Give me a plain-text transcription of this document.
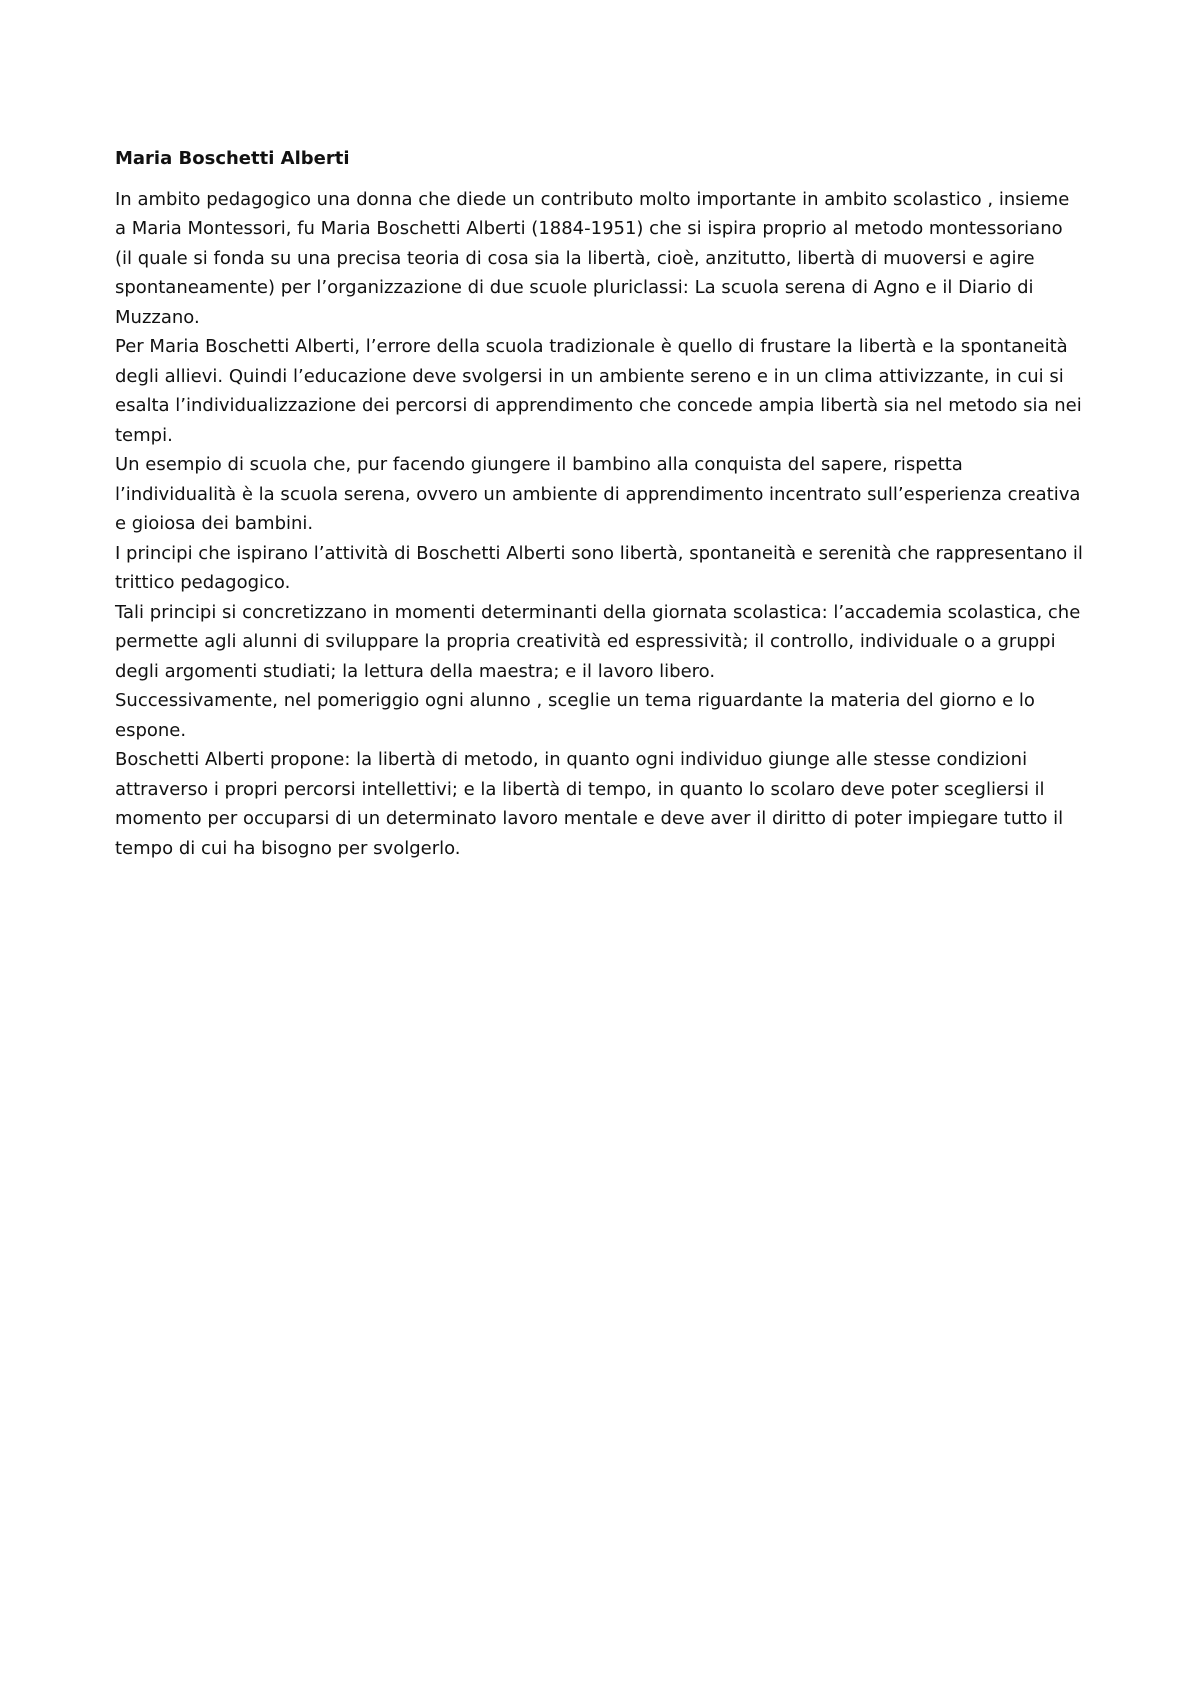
Maria Boschetti Alberti

In ambito pedagogico una donna che diede un contributo molto importante in ambito scolastico , insieme a Maria Montessori, fu Maria Boschetti Alberti (1884-1951) che si ispira proprio al metodo montessoriano (il quale si fonda su una precisa teoria di cosa sia la libertà, cioè, anzitutto, libertà di muoversi e agire spontaneamente) per l’organizzazione di due scuole pluriclassi: La scuola serena di Agno e il Diario di Muzzano.

Per Maria Boschetti Alberti, l’errore della scuola tradizionale è quello di frustare la libertà e la spontaneità degli allievi. Quindi l’educazione deve svolgersi in un ambiente sereno e in un clima attivizzante, in cui si esalta l’individualizzazione dei percorsi di apprendimento che concede ampia libertà sia nel metodo sia nei tempi.

Un esempio di scuola che, pur facendo giungere il bambino alla conquista del sapere, rispetta l’individualità è la scuola serena, ovvero un ambiente di apprendimento incentrato sull’esperienza creativa e gioiosa dei bambini.

I principi che ispirano l’attività di Boschetti Alberti sono libertà, spontaneità e serenità che rappresentano il trittico pedagogico.

Tali principi si concretizzano in momenti determinanti della giornata scolastica: l’accademia scolastica, che permette agli alunni di sviluppare la propria creatività ed espressività; il controllo, individuale o a gruppi degli argomenti studiati; la lettura della maestra; e il lavoro libero.

Successivamente, nel pomeriggio ogni alunno , sceglie un tema riguardante la materia del giorno e lo espone.

Boschetti Alberti propone: la libertà di metodo, in quanto ogni individuo giunge alle stesse condizioni attraverso i propri percorsi intellettivi; e la libertà di tempo, in quanto lo scolaro deve poter scegliersi il momento per occuparsi di un determinato lavoro mentale e deve aver il diritto di poter impiegare tutto il tempo di cui ha bisogno per svolgerlo.
